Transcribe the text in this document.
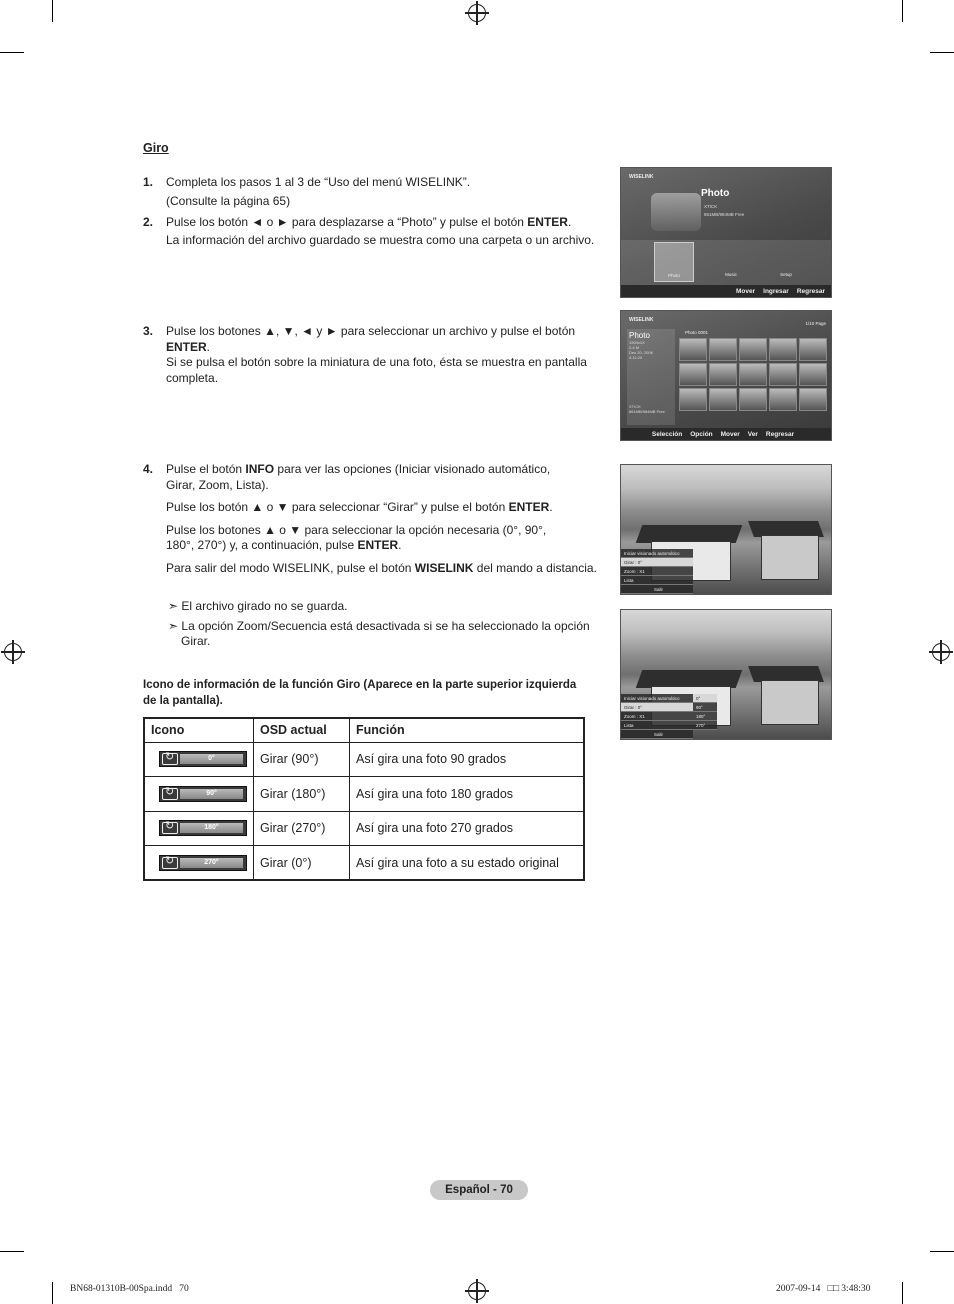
Giro
1. Completa los pasos 1 al 3 de “Uso del menú WISELINK”.
(Consulte la página 65)
2. Pulse los botón ◄ o ► para desplazarse a “Photo” y pulse el botón ENTER.
La información del archivo guardado se muestra como una carpeta o un archivo.
3. Pulse los botones ▲, ▼, ◄ y ► para seleccionar un archivo y pulse el botón
ENTER.
Si se pulsa el botón sobre la miniatura de una foto, ésta se muestra en pantalla
completa.
4. Pulse el botón INFO para ver las opciones (Iniciar visionado automático,
Girar, Zoom, Lista).
Pulse los botón ▲ o ▼ para seleccionar “Girar” y pulse el botón ENTER.
Pulse los botones ▲ o ▼ para seleccionar la opción necesaria (0°, 90°,
180°, 270°) y, a continuación, pulse ENTER.
Para salir del modo WISELINK, pulse el botón WISELINK del mando a distancia.
➣ El archivo girado no se guarda.
➣ La opción Zoom/Secuencia está desactivada si se ha seleccionado la opción
Girar.
Icono de información de la función Giro (Aparece en la parte superior izquierda
de la pantalla).
Icono	OSD actual	Función

↻
0°	Girar (90°)	Así gira una foto 90 grados

↻
90°	Girar (180°)	Así gira una foto 180 grados

↻
180°	Girar (270°)	Así gira una foto 270 grados

↻
270°	Girar (0°)	Así gira una foto a su estado original
WISELINK
Photo
XTICK
861MB/984MB Free
Photo	Music	Setup
Mover Ingresar Regresar
WISELINK
1/10 Page
Photo
1904x1X
2.4 M
Dec 20, 2006
4:11:20
XTICK
861MB/984MB Free
Photo 0001
Selección Opción Mover Ver Regresar
Iniciar visionado automático
Girar : 0°
Zoom : X1
Lista
Salir
Iniciar visionado automático
Girar : 0°
Zoom : X1
Lista
Salir
0°
90°
180°
270°
Español - 70
BN68-01310B-00Spa.indd   70	2007-09-14   □□ 3:48:30
